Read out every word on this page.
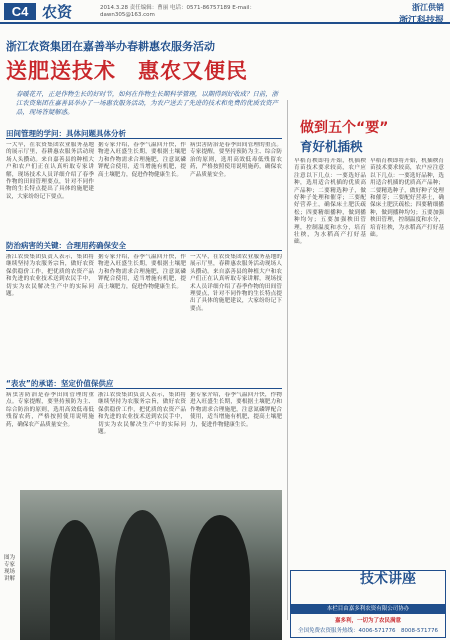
C4 农资	2014.3.28 责任编辑：曹丽 电话：0571-86757189 E-mail：dawn305@163.com
浙江供销
浙江科技报
浙江农资集团在嘉善举办春耕惠农服务活动
送肥送技术　惠农又便民
春暖花开，正是作物生长的好时节，如何在作物生长期科学管理，以期得到好收成？日前，浙江农资集团在嘉善县举办了一场惠农服务活动，为农户送去了先进的技术和免费的优质农资产品，现场答疑解惑。
田间管理的学问：具体问题具体分析
一大早，在农资集团农业服务基地的展示厅里，春耕惠农服务活动现场人头攒动。来自嘉善县的种植大户和农户们正在认真听取专家讲解，现场技术人员详细介绍了春季作物的田间管理要点，针对不同作物的生长特点提出了具体的施肥建议，大家纷纷记下要点。
据专家介绍，春季气温回升快，作物进入旺盛生长期，要根据土壤肥力和作物需求合理施肥，注意氮磷钾配合使用，适当增施有机肥，提高土壤肥力，促进作物健康生长。
病虫害防治是春季田间管理的重点。专家提醒，要坚持预防为主、综合防治的原则，选用高效低毒低残留农药，严格按照使用说明施药，确保农产品质量安全。
防治病害的关键：合理用药确保安全
浙江农资集团负责人表示，集团将继续坚持为农服务宗旨，做好农资保供稳价工作，把优质的农资产品和先进的农业技术送到农民手中，切实为农民解决生产中的实际问题。
据专家介绍，春季气温回升快，作物进入旺盛生长期，要根据土壤肥力和作物需求合理施肥，注意氮磷钾配合使用，适当增施有机肥，提高土壤肥力，促进作物健康生长。
一大早，在农资集团农业服务基地的展示厅里，春耕惠农服务活动现场人头攒动。来自嘉善县的种植大户和农户们正在认真听取专家讲解，现场技术人员详细介绍了春季作物的田间管理要点，针对不同作物的生长特点提出了具体的施肥建议，大家纷纷记下要点。
“表农”的承诺：坚定价值保供应
病虫害防治是春季田间管理的重点。专家提醒，要坚持预防为主、综合防治的原则，选用高效低毒低残留农药，严格按照使用说明施药，确保农产品质量安全。
浙江农资集团负责人表示，集团将继续坚持为农服务宗旨，做好农资保供稳价工作，把优质的农资产品和先进的农业技术送到农民手中，切实为农民解决生产中的实际问题。
据专家介绍，春季气温回升快，作物进入旺盛生长期，要根据土壤肥力和作物需求合理施肥，注意氮磷钾配合使用，适当增施有机肥，提高土壤肥力，促进作物健康生长。
图为专家现场讲解
做到五个“要”
育好机插秧
早稻育秧即将开始，机插秧育苗技术要求较高，农户应注意以下几点：一要选好品种，选用适合机插的优质高产品种；二要精选种子，做好种子处理和催芽；三要配好营养土，确保床土肥沃疏松；四要精细播种，做到播种均匀；五要加强秧田管理，控制温度和水分，培育壮秧，为水稻高产打好基础。
早稻育秧即将开始，机插秧育苗技术要求较高，农户应注意以下几点：一要选好品种，选用适合机插的优质高产品种；二要精选种子，做好种子处理和催芽；三要配好营养土，确保床土肥沃疏松；四要精细播种，做到播种均匀；五要加强秧田管理，控制温度和水分，培育壮秧，为水稻高产打好基础。
技术讲座
本栏目由嘉多利农资有限公司协办
嘉多利，一切为了农民满意
全国免费农资服务热线：4006-571776　8008-571776
